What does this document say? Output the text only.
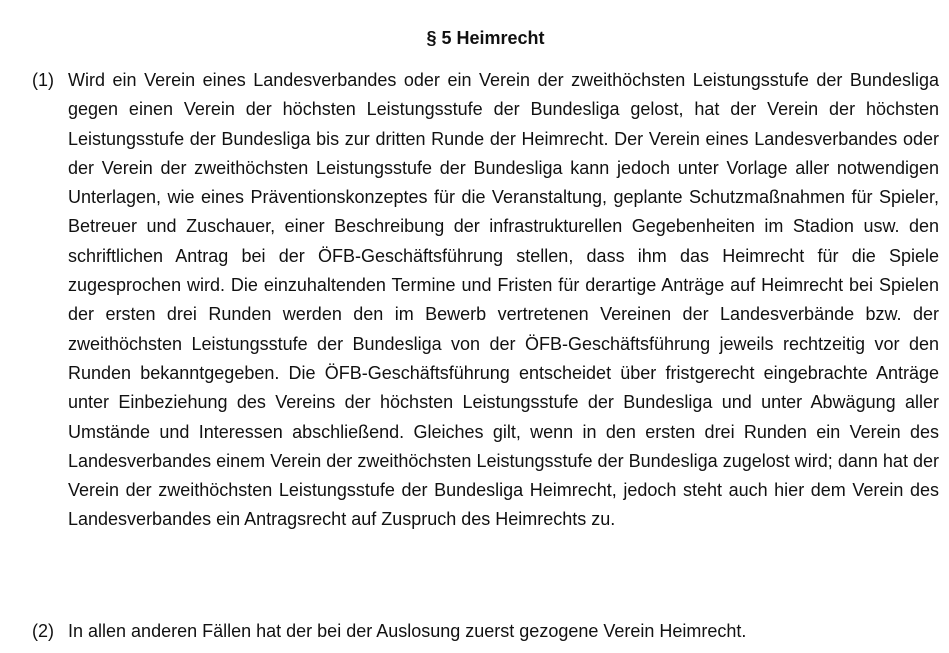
§ 5 Heimrecht
(1) Wird ein Verein eines Landesverbandes oder ein Verein der zweithöchsten Leistungsstufe der Bundesliga gegen einen Verein der höchsten Leistungsstufe der Bundesliga gelost, hat der Verein der höchsten Leistungsstufe der Bundesliga bis zur dritten Runde der Heimrecht. Der Verein eines Landesverbandes oder der Verein der zweithöchsten Leistungsstufe der Bundesliga kann jedoch unter Vorlage aller notwendigen Unterlagen, wie eines Präventionskonzeptes für die Veranstaltung, geplante Schutzmaßnahmen für Spieler, Betreuer und Zuschauer, einer Beschreibung der infrastrukturellen Gegebenheiten im Stadion usw. den schriftlichen Antrag bei der ÖFB-Geschäftsführung stellen, dass ihm das Heimrecht für die Spiele zugesprochen wird. Die einzuhaltenden Termine und Fristen für derartige Anträge auf Heimrecht bei Spielen der ersten drei Runden werden den im Bewerb vertretenen Vereinen der Landesverbände bzw. der zweithöchsten Leistungsstufe der Bundesliga von der ÖFB-Geschäftsführung jeweils rechtzeitig vor den Runden bekanntgegeben. Die ÖFB-Geschäftsführung entscheidet über fristgerecht eingebrachte Anträge unter Einbeziehung des Vereins der höchsten Leistungsstufe der Bundesliga und unter Abwägung aller Umstände und Interessen abschließend. Gleiches gilt, wenn in den ersten drei Runden ein Verein des Landesverbandes einem Verein der zweithöchsten Leistungsstufe der Bundesliga zugelost wird; dann hat der Verein der zweithöchsten Leistungsstufe der Bundesliga Heimrecht, jedoch steht auch hier dem Verein des Landesverbandes ein Antragsrecht auf Zuspruch des Heimrechts zu.

(2) In allen anderen Fällen hat der bei der Auslosung zuerst gezogene Verein Heimrecht.
